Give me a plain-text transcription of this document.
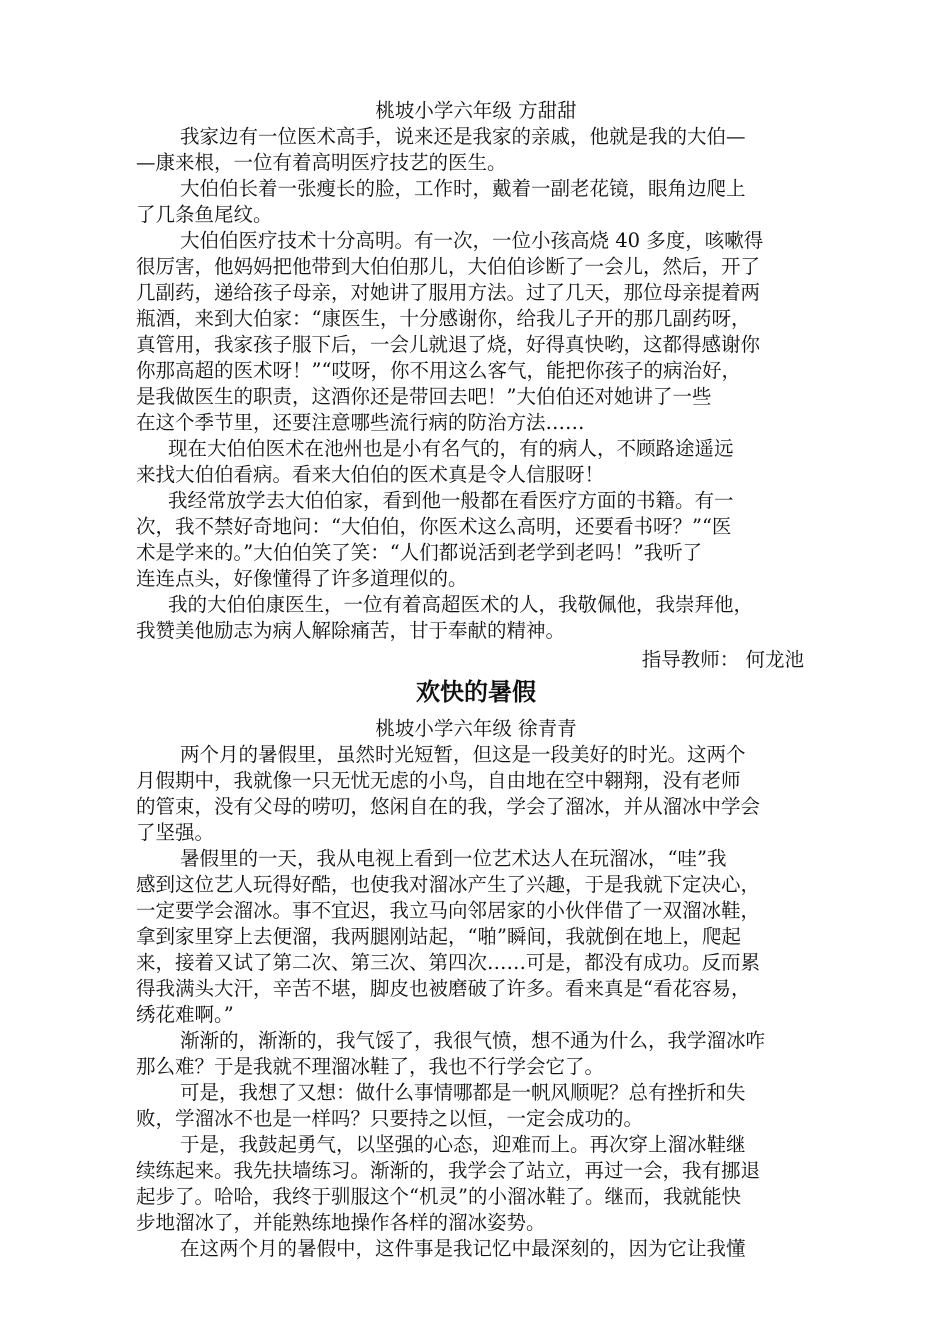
桃坡小学六年级 方甜甜
我家边有一位医术高手，说来还是我家的亲戚，他就是我的大伯—
—康来根，一位有着高明医疗技艺的医生。
大伯伯长着一张瘦长的脸，工作时，戴着一副老花镜，眼角边爬上
了几条鱼尾纹。
大伯伯医疗技术十分高明。有一次，一位小孩高烧 40 多度，咳嗽得
很厉害，他妈妈把他带到大伯伯那儿，大伯伯诊断了一会儿，然后，开了
几副药，递给孩子母亲，对她讲了服用方法。过了几天，那位母亲提着两
瓶酒，来到大伯家：“康医生，十分感谢你，给我儿子开的那几副药呀，
真管用，我家孩子服下后，一会儿就退了烧，好得真快哟，这都得感谢你
你那高超的医术呀！”“哎呀，你不用这么客气，能把你孩子的病治好，
是我做医生的职责，这酒你还是带回去吧！”大伯伯还对她讲了一些
在这个季节里，还要注意哪些流行病的防治方法……
现在大伯伯医术在池州也是小有名气的，有的病人，不顾路途遥远
来找大伯伯看病。看来大伯伯的医术真是令人信服呀！
我经常放学去大伯伯家，看到他一般都在看医疗方面的书籍。有一
次，我不禁好奇地问：“大伯伯，你医术这么高明，还要看书呀？”“医
术是学来的。”大伯伯笑了笑：“人们都说活到老学到老吗！”我听了
连连点头，好像懂得了许多道理似的。
我的大伯伯康医生，一位有着高超医术的人，我敬佩他，我崇拜他，
我赞美他励志为病人解除痛苦，甘于奉献的精神。
指导教师： 何龙池
欢快的暑假
桃坡小学六年级 徐青青
两个月的暑假里，虽然时光短暂，但这是一段美好的时光。这两个
月假期中，我就像一只无忧无虑的小鸟，自由地在空中翱翔，没有老师
的管束，没有父母的唠叨，悠闲自在的我，学会了溜冰，并从溜冰中学会
了坚强。
暑假里的一天，我从电视上看到一位艺术达人在玩溜冰，“哇”我
感到这位艺人玩得好酷，也使我对溜冰产生了兴趣，于是我就下定决心，
一定要学会溜冰。事不宜迟，我立马向邻居家的小伙伴借了一双溜冰鞋，
拿到家里穿上去便溜，我两腿刚站起，“啪”瞬间，我就倒在地上，爬起
来，接着又试了第二次、第三次、第四次……可是，都没有成功。反而累
得我满头大汗，辛苦不堪，脚皮也被磨破了许多。看来真是“看花容易，
绣花难啊。”
渐渐的，渐渐的，我气馁了，我很气愤，想不通为什么，我学溜冰咋
那么难？于是我就不理溜冰鞋了，我也不行学会它了。
可是，我想了又想：做什么事情哪都是一帆风顺呢？总有挫折和失
败，学溜冰不也是一样吗？只要持之以恒，一定会成功的。
于是，我鼓起勇气，以坚强的心态，迎难而上。再次穿上溜冰鞋继
续练起来。我先扶墙练习。渐渐的，我学会了站立，再过一会，我有挪退
起步了。哈哈，我终于驯服这个“机灵”的小溜冰鞋了。继而，我就能快
步地溜冰了，并能熟练地操作各样的溜冰姿势。
在这两个月的暑假中，这件事是我记忆中最深刻的，因为它让我懂
